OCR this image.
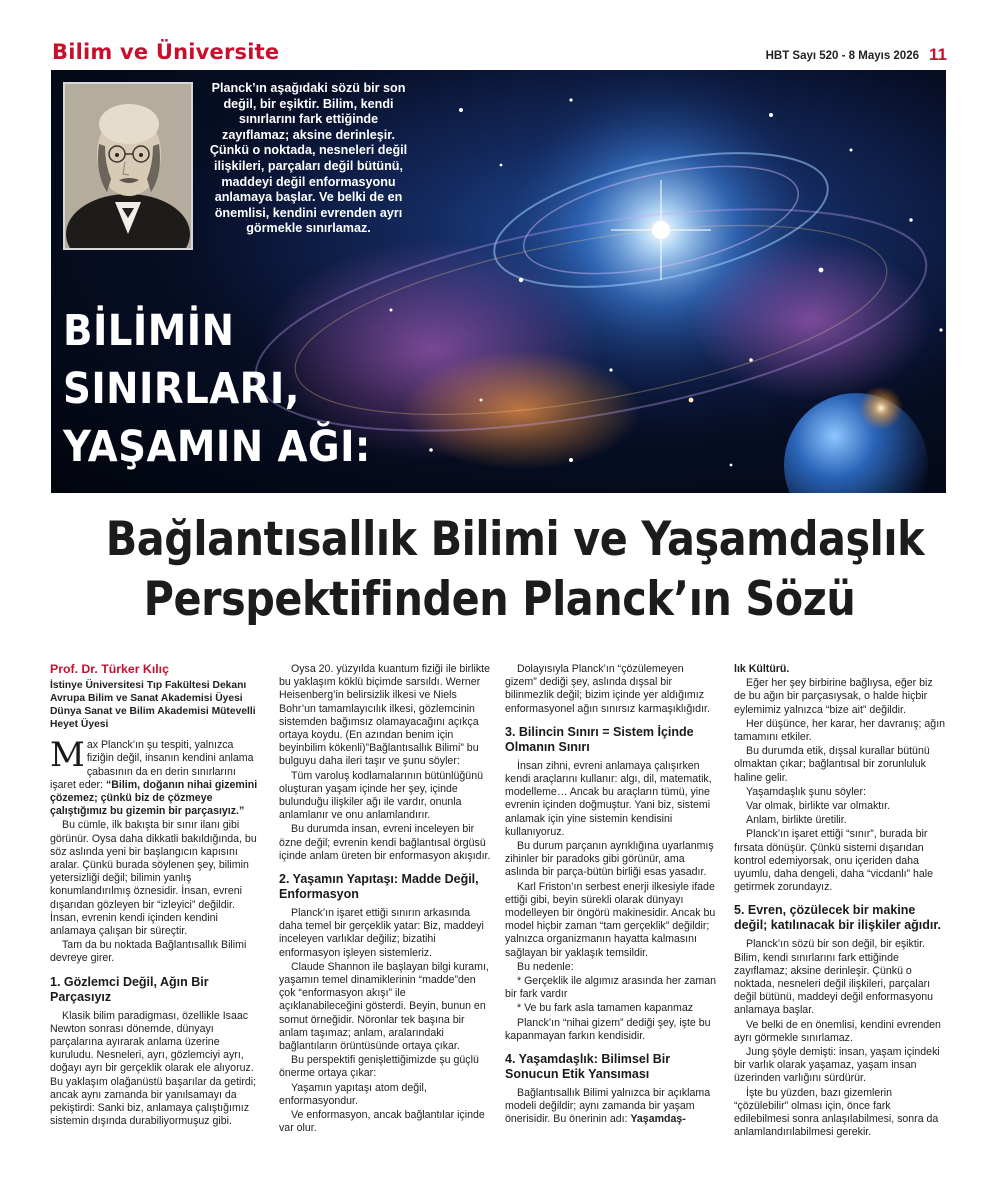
Bilim ve Üniversite	HBT Sayı 520 - 8 Mayıs 2026 11
Planck’ın aşağıdaki sözü bir son değil, bir eşiktir. Bilim, kendi sınırlarını fark ettiğinde zayıflamaz; aksine derinleşir. Çünkü o noktada, nesneleri değil ilişkileri, parçaları değil bütünü, maddeyi değil enformasyonu anlamaya başlar. Ve belki de en önemlisi, kendini evrenden ayrı görmekle sınırlamaz.
BİLİMİN
SINIRLARI,
YAŞAMIN AĞI:
Bağlantısallık Bilimi ve Yaşamdaşlık
Perspektifinden Planck’ın Sözü
Prof. Dr. Türker Kılıç
İstinye Üniversitesi Tıp Fakültesi Dekanı
Avrupa Bilim ve Sanat Akademisi Üyesi
Dünya Sanat ve Bilim Akademisi Mütevelli Heyet Üyesi

Max Planck’ın şu tespiti, yalnızca fiziğin değil, insanın kendini anlama çabasının da en derin sınırlarını işaret eder: “Bilim, doğanın nihai gizemini çözemez; çünkü biz de çözmeye çalıştığımız bu gizemin bir parçasıyız.”

Bu cümle, ilk bakışta bir sınır ilanı gibi görünür. Oysa daha dikkatli bakıldığında, bu söz aslında yeni bir başlangıcın kapısını aralar. Çünkü burada söylenen şey, bilimin yetersizliği değil; bilimin yanlış konumlandırılmış öznesidir. İnsan, evreni dışarıdan gözleyen bir “izleyici” değildir. İnsan, evrenin kendi içinden kendini anlamaya çalışan bir süreçtir.

Tam da bu noktada Bağlantısallık Bilimi devreye girer.

1. Gözlemci Değil, Ağın Bir Parçasıyız

Klasik bilim paradigması, özellikle Isaac Newton sonrası dönemde, dünyayı parçalarına ayırarak anlama üzerine kuruludu. Nesneleri, ayrı, gözlemciyi ayrı, doğayı ayrı bir gerçeklik olarak ele alıyoruz. Bu yaklaşım olağanüstü başarılar da getirdi; ancak aynı zamanda bir yanılsamayı da pekiştirdi: Sanki biz, anlamaya çalıştığımız sistemin dışında durabiliyormuşuz gibi.

Oysa 20. yüzyılda kuantum fiziği ile birlikte bu yaklaşım köklü biçimde sarsıldı. Werner Heisenberg’in belirsizlik ilkesi ve Niels Bohr’un tamamlayıcılık ilkesi, gözlemcinin sistemden bağımsız olamayacağını açıkça ortaya koydu. (En azından benim için beyinbilim kökenli)”Bağlantısallık Bilimi” bu bulguyu daha ileri taşır ve şunu söyler:

Tüm varoluş kodlamalarının bütünlüğünü oluşturan yaşam içinde her şey, içinde bulunduğu ilişkiler ağı ile vardır, onunla anlamlanır ve onu anlamlandırır.

Bu durumda insan, evreni inceleyen bir özne değil; evrenin kendi bağlantısal örgüsü içinde anlam üreten bir enformasyon akışıdır.

2. Yaşamın Yapıtaşı: Madde Değil, Enformasyon

Planck’ın işaret ettiği sınırın arkasında daha temel bir gerçeklik yatar: Biz, maddeyi inceleyen varlıklar değiliz; bizatihi enformasyon işleyen sistemleriz.

Claude Shannon ile başlayan bilgi kuramı, yaşamın temel dinamiklerinin “madde”den çok “enformasyon akışı” ile açıklanabileceğini gösterdi. Beyin, bunun en somut örneğidir. Nöronlar tek başına bir anlam taşımaz; anlam, aralarındaki bağlantıların örüntüsünde ortaya çıkar.

Bu perspektifi genişlettiğimizde şu güçlü önerme ortaya çıkar:

Yaşamın yapıtaşı atom değil, enformasyondur.

Ve enformasyon, ancak bağlantılar içinde var olur.

Dolayısıyla Planck’ın “çözülemeyen gizem” dediği şey, aslında dışsal bir bilinmezlik değil; bizim içinde yer aldığımız enformasyonel ağın sınırsız karmaşıklığıdır.

3. Bilincin Sınırı = Sistem İçinde Olmanın Sınırı

İnsan zihni, evreni anlamaya çalışırken kendi araçlarını kullanır: algı, dil, matematik, modelleme… Ancak bu araçların tümü, yine evrenin içinden doğmuştur. Yani biz, sistemi anlamak için yine sistemin kendisini kullanıyoruz.

Bu durum parçanın ayrıklığına uyarlanmış zihinler bir paradoks gibi görünür, ama aslında bir parça-bütün birliği esas yasadır.

Karl Friston’ın serbest enerji ilkesiyle ifade ettiği gibi, beyin sürekli olarak dünyayı modelleyen bir öngörü makinesidir. Ancak bu model hiçbir zaman “tam gerçeklik” değildir; yalnızca organizmanın hayatta kalmasını sağlayan bir yaklaşık temsildir.

Bu nedenle:

* Gerçeklik ile algımız arasında her zaman bir fark vardır

* Ve bu fark asla tamamen kapanmaz

Planck’ın “nihai gizem” dediği şey, işte bu kapanmayan farkın kendisidir.

4. Yaşamdaşlık: Bilimsel Bir Sonucun Etik Yansıması

Bağlantısallık Bilimi yalnızca bir açıklama modeli değildir; aynı zamanda bir yaşam önerisidir. Bu önerinin adı: Yaşamdaş-

lık Kültürü.

Eğer her şey birbirine bağlıysa, eğer biz de bu ağın bir parçasıysak, o halde hiçbir eylemimiz yalnızca “bize ait” değildir.

Her düşünce, her karar, her davranış; ağın tamamını etkiler.

Bu durumda etik, dışsal kurallar bütünü olmaktan çıkar; bağlantısal bir zorunluluk haline gelir.

Yaşamdaşlık şunu söyler:

Var olmak, birlikte var olmaktır.

Anlam, birlikte üretilir.

Planck’ın işaret ettiği “sınır”, burada bir fırsata dönüşür. Çünkü sistemi dışarıdan kontrol edemiyorsak, onu içeriden daha uyumlu, daha dengeli, daha “vicdanlı” hale getirmek zorundayız.

5. Evren, çözülecek bir makine değil; katılınacak bir ilişkiler ağıdır.

Planck’ın sözü bir son değil, bir eşiktir. Bilim, kendi sınırlarını fark ettiğinde zayıflamaz; aksine derinleşir. Çünkü o noktada, nesneleri değil ilişkileri, parçaları değil bütünü, maddeyi değil enformasyonu anlamaya başlar.

Ve belki de en önemlisi, kendini evrenden ayrı görmekle sınırlamaz.

Jung şöyle demişti: insan, yaşam içindeki bir varlık olarak yaşamaz, yaşam insan üzerinden varlığını sürdürür.

İşte bu yüzden, bazı gizemlerin “çözülebilir” olması için, önce fark edilebilmesi sonra anlaşılabilmesi, sonra da anlamlandırılabilmesi gerekir.
